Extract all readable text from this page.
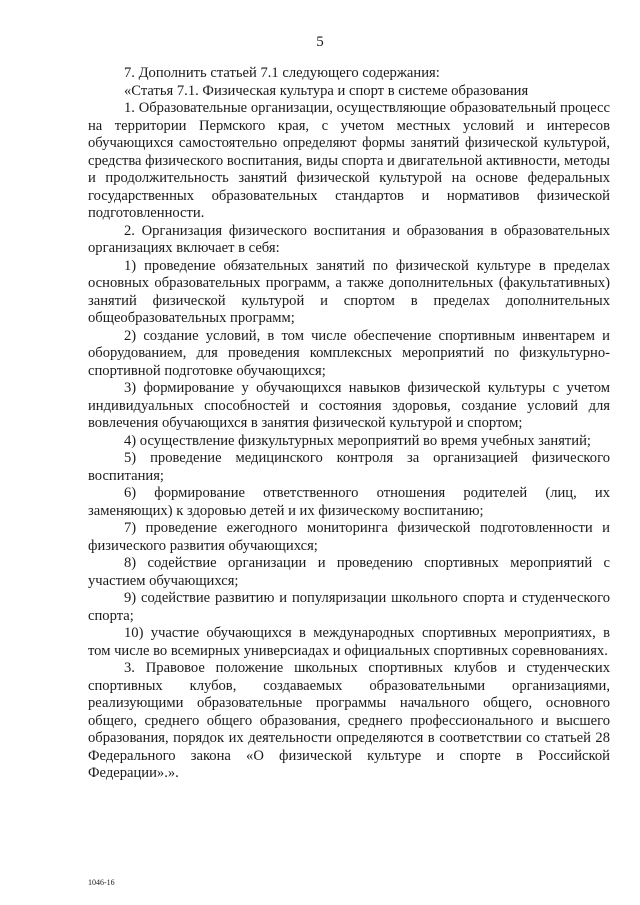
5

7. Дополнить статьей 7.1 следующего содержания:

«Статья 7.1. Физическая культура и спорт в системе образования

1. Образовательные организации, осуществляющие образовательный процесс на территории Пермского края, с учетом местных условий и интересов обучающихся самостоятельно определяют формы занятий физической культурой, средства физического воспитания, виды спорта и двигательной активности, методы и продолжительность занятий физической культурой на основе федеральных государственных образовательных стандартов и нормативов физической подготовленности.

2. Организация физического воспитания и образования в образовательных организациях включает в себя:

1) проведение обязательных занятий по физической культуре в пределах основных образовательных программ, а также дополнительных (факультативных) занятий физической культурой и спортом в пределах дополнительных общеобразовательных программ;

2) создание условий, в том числе обеспечение спортивным инвентарем и оборудованием, для проведения комплексных мероприятий по физкультурно-спортивной подготовке обучающихся;

3) формирование у обучающихся навыков физической культуры с учетом индивидуальных способностей и состояния здоровья, создание условий для вовлечения обучающихся в занятия физической культурой и спортом;

4) осуществление физкультурных мероприятий во время учебных занятий;

5) проведение медицинского контроля за организацией физического воспитания;

6) формирование ответственного отношения родителей (лиц, их заменяющих) к здоровью детей и их физическому воспитанию;

7) проведение ежегодного мониторинга физической подготовленности и физического развития обучающихся;

8) содействие организации и проведению спортивных мероприятий с участием обучающихся;

9) содействие развитию и популяризации школьного спорта и студенческого спорта;

10) участие обучающихся в международных спортивных мероприятиях, в том числе во всемирных универсиадах и официальных спортивных соревнованиях.

3. Правовое положение школьных спортивных клубов и студенческих спортивных клубов, создаваемых образовательными организациями, реализующими образовательные программы начального общего, основного общего, среднего общего образования, среднего профессионального и высшего образования, порядок их деятельности определяются в соответствии со статьей 28 Федерального закона «О физической культуре и спорте в Российской Федерации».».

1046-16
